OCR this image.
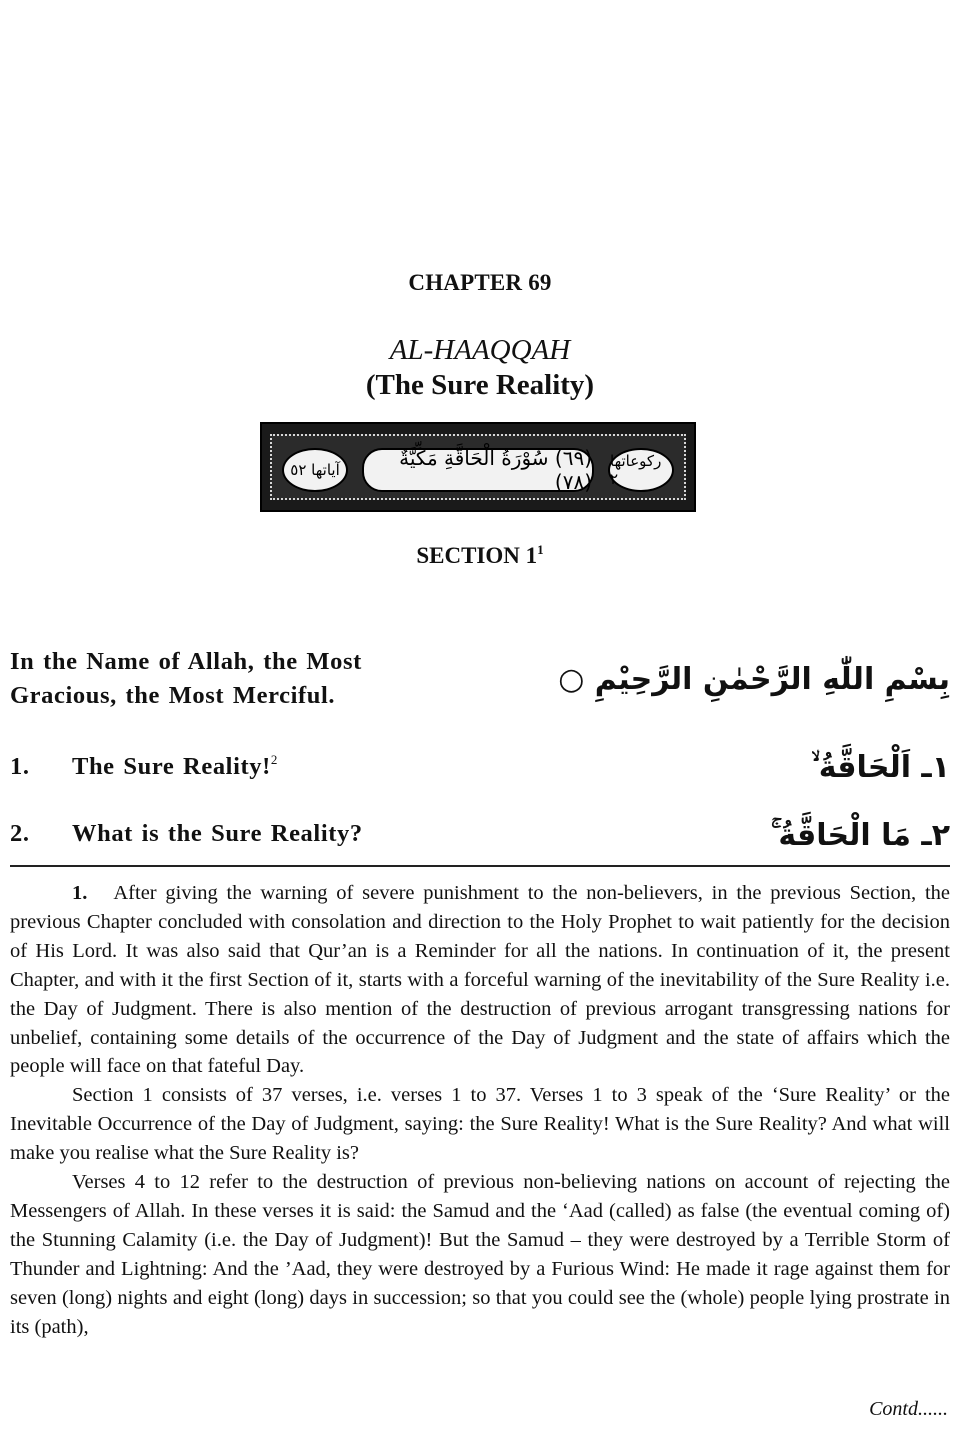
CHAPTER 69
AL-HAAQQAH
(The Sure Reality)
آياتها ٥٢	(٦٩) سُوْرَةُ الْحَاقَّةِ مَكِّيَّةٌ (٧٨)
ركوعاتها ٢
SECTION $1^1$
In the Name of Allah, the Most
Gracious, the Most Merciful.	بِسْمِ اللّٰهِ الرَّحْمٰنِ الرَّحِيْمِ ○
1. The Sure Reality!$^2$	١ـ اَلْحَاقَّةُ ۙ
2. What is the Sure Reality?	٢ـ مَا الْحَاقَّةُ ۚ

1. After giving the warning of severe punishment to the non-believers, in the previous Section, the previous Chapter concluded with consolation and direction to the Holy Prophet to wait patiently for the decision of His Lord. It was also said that Qur’an is a Reminder for all the nations. In continuation of it, the present Chapter, and with it the first Section of it, starts with a forceful warning of the inevitability of the Sure Reality i.e. the Day of Judgment. There is also mention of the destruction of previous arrogant transgressing nations for unbelief, containing some details of the occurrence of the Day of Judgment and the state of affairs which the people will face on that fateful Day.

Section 1 consists of 37 verses, i.e. verses 1 to 37. Verses 1 to 3 speak of the ‘Sure Reality’ or the Inevitable Occurrence of the Day of Judgment, saying: the Sure Reality! What is the Sure Reality? And what will make you realise what the Sure Reality is?

Verses 4 to 12 refer to the destruction of previous non-believing nations on account of rejecting the Messengers of Allah. In these verses it is said: the Samud and the ‘Aad (called) as false (the eventual coming of) the Stunning Calamity (i.e. the Day of Judgment)! But the Samud – they were destroyed by a Terrible Storm of Thunder and Lightning: And the ’Aad, they were destroyed by a Furious Wind: He made it rage against them for seven (long) nights and eight (long) days in succession; so that you could see the (whole) people lying prostrate in its (path),

Contd......
